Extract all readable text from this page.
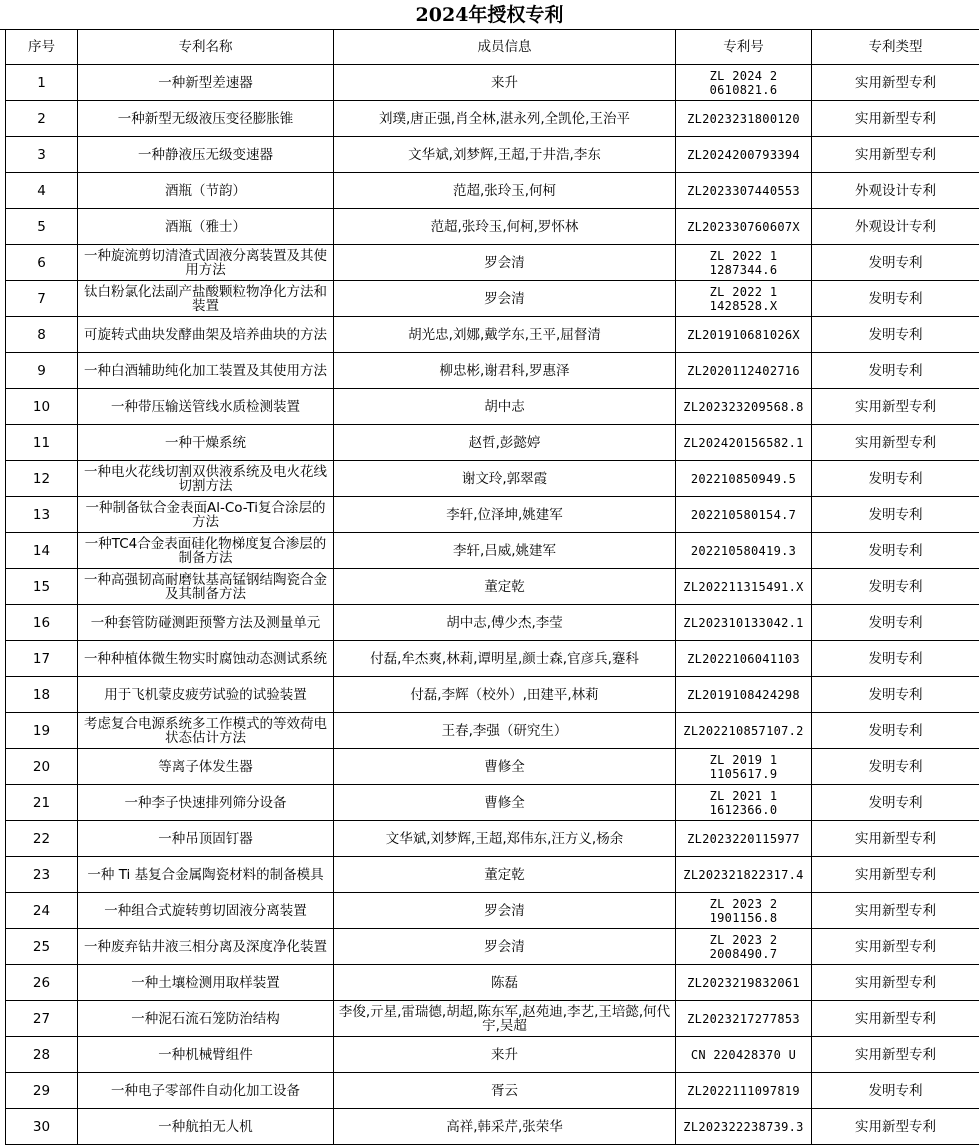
2024年授权专利
序号	专利名称	成员信息	专利号	专利类型
1	一种新型差速器	来升	ZL 2024 2 0610821.6	实用新型专利
2	一种新型无级液压变径膨胀锥	刘璞,唐正强,肖全林,湛永列,全凯伦,王治平	ZL2023231800120	实用新型专利
3	一种静液压无级变速器	文华斌,刘梦辉,王超,于井浩,李东	ZL2024200793394	实用新型专利
4	酒瓶（节韵）	范超,张玲玉,何柯	ZL2023307440553	外观设计专利
5	酒瓶（雅士）	范超,张玲玉,何柯,罗怀林	ZL202330760607X	外观设计专利
6	一种旋流剪切清渣式固液分离装置及其使用方法	罗会清	ZL 2022 1 1287344.6	发明专利
7	钛白粉氯化法副产盐酸颗粒物净化方法和装置	罗会清	ZL 2022 1 1428528.X	发明专利
8	可旋转式曲块发酵曲架及培养曲块的方法	胡光忠,刘娜,戴学东,王平,屈督清	ZL201910681026X	发明专利
9	一种白酒辅助纯化加工装置及其使用方法	柳忠彬,谢君科,罗惠泽	ZL2020112402716	发明专利
10	一种带压输送管线水质检测装置	胡中志	ZL202323209568.8	实用新型专利
11	一种干燥系统	赵哲,彭懿婷	ZL202420156582.1	实用新型专利
12	一种电火花线切割双供液系统及电火花线切割方法	谢文玲,郭翠霞	202210850949.5	发明专利
13	一种制备钛合金表面Al-Co-Ti复合涂层的方法	李轩,位泽坤,姚建军	202210580154.7	发明专利
14	一种TC4合金表面硅化物梯度复合渗层的制备方法	李轩,吕威,姚建军	202210580419.3	发明专利
15	一种高强韧高耐磨钛基高锰钢结陶瓷合金及其制备方法	董定乾	ZL202211315491.X	发明专利
16	一种套管防碰测距预警方法及测量单元	胡中志,傅少杰,李莹	ZL202310133042.1	发明专利
17	一种种植体微生物实时腐蚀动态测试系统	付磊,牟杰爽,林莉,谭明星,颜士森,官彦兵,蹇科	ZL2022106041103	发明专利
18	用于飞机蒙皮疲劳试验的试验装置	付磊,李辉（校外）,田建平,林莉	ZL2019108424298	发明专利
19	考虑复合电源系统多工作模式的等效荷电状态估计方法	王春,李强（研究生）	ZL202210857107.2	发明专利
20	等离子体发生器	曹修全	ZL 2019 1 1105617.9	发明专利
21	一种李子快速排列筛分设备	曹修全	ZL 2021 1 1612366.0	发明专利
22	一种吊顶固钉器	文华斌,刘梦辉,王超,郑伟东,汪方义,杨余	ZL2023220115977	实用新型专利
23	一种 Ti 基复合金属陶瓷材料的制备模具	董定乾	ZL202321822317.4	实用新型专利
24	一种组合式旋转剪切固液分离装置	罗会清	ZL 2023 2 1901156.8	实用新型专利
25	一种废弃钻井液三相分离及深度净化装置	罗会清	ZL 2023 2 2008490.7	实用新型专利
26	一种土壤检测用取样装置	陈磊	ZL2023219832061	实用新型专利
27	一种泥石流石笼防治结构	李俊,亓星,雷瑞德,胡超,陈东军,赵苑迪,李艺,王培懿,何代宇,吴超	ZL2023217277853	实用新型专利
28	一种机械臂组件	来升	CN 220428370 U	实用新型专利
29	一种电子零部件自动化加工设备	胥云	ZL2022111097819	发明专利
30	一种航拍无人机	高祥,韩采芹,张荣华	ZL202322238739.3	实用新型专利
